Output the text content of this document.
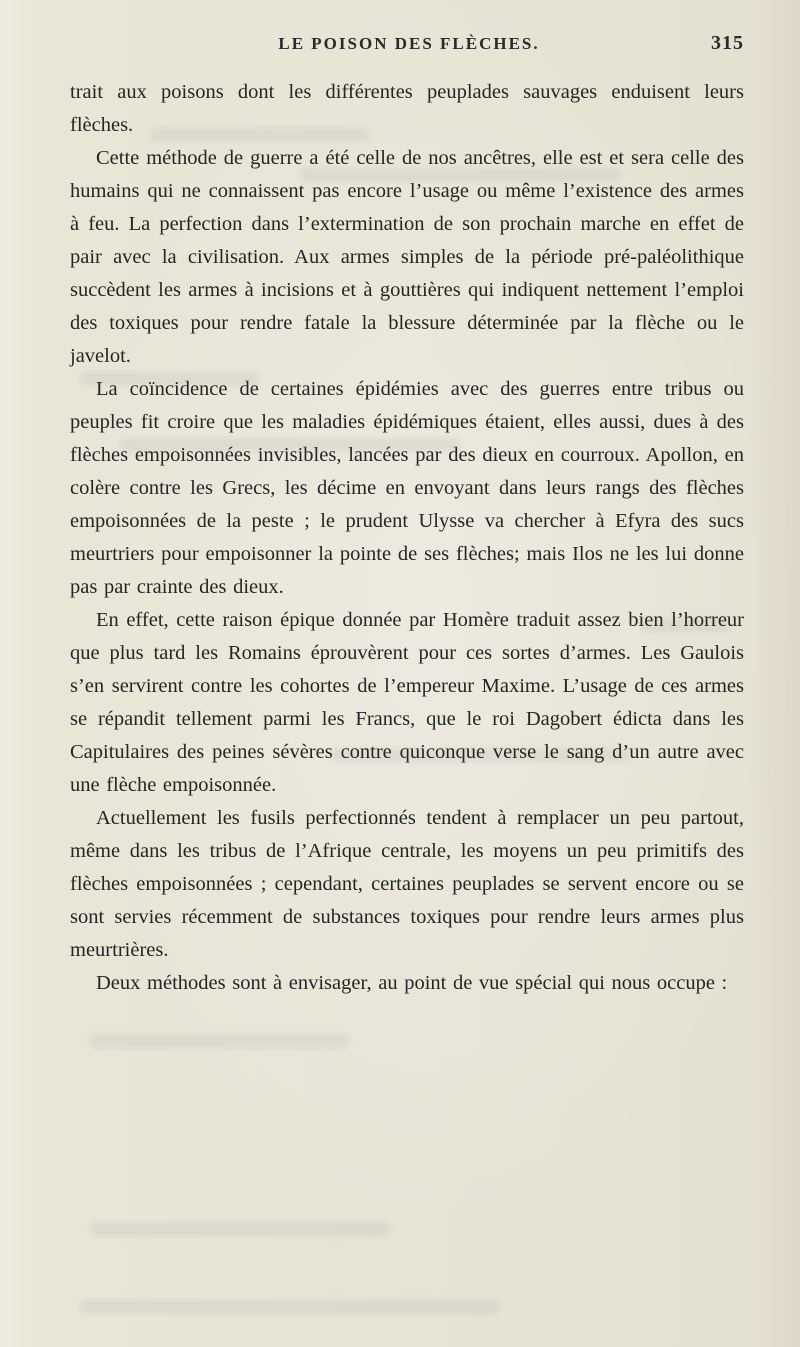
LE POISON DES FLÈCHES.	315

trait aux poisons dont les différentes peuplades sauvages enduisent leurs flèches.

Cette méthode de guerre a été celle de nos ancêtres, elle est et sera celle des humains qui ne connaissent pas encore l’usage ou même l’existence des armes à feu. La perfection dans l’extermination de son prochain marche en effet de pair avec la civilisation. Aux armes simples de la période pré-paléolithique succèdent les armes à incisions et à gouttières qui indiquent nettement l’emploi des toxiques pour rendre fatale la blessure déterminée par la flèche ou le javelot.

La coïncidence de certaines épidémies avec des guerres entre tribus ou peuples fit croire que les maladies épidémiques étaient, elles aussi, dues à des flèches empoisonnées invisibles, lancées par des dieux en courroux. Apollon, en colère contre les Grecs, les décime en envoyant dans leurs rangs des flèches empoisonnées de la peste ; le prudent Ulysse va chercher à Efyra des sucs meurtriers pour empoisonner la pointe de ses flèches; mais Ilos ne les lui donne pas par crainte des dieux.

En effet, cette raison épique donnée par Homère traduit assez bien l’horreur que plus tard les Romains éprouvèrent pour ces sortes d’armes. Les Gaulois s’en servirent contre les cohortes de l’empereur Maxime. L’usage de ces armes se répandit tellement parmi les Francs, que le roi Dagobert édicta dans les Capitulaires des peines sévères contre quiconque verse le sang d’un autre avec une flèche empoisonnée.

Actuellement les fusils perfectionnés tendent à remplacer un peu partout, même dans les tribus de l’Afrique centrale, les moyens un peu primitifs des flèches empoisonnées ; cependant, certaines peuplades se servent encore ou se sont servies récemment de substances toxiques pour rendre leurs armes plus meurtrières.

Deux méthodes sont à envisager, au point de vue spécial qui nous occupe :
